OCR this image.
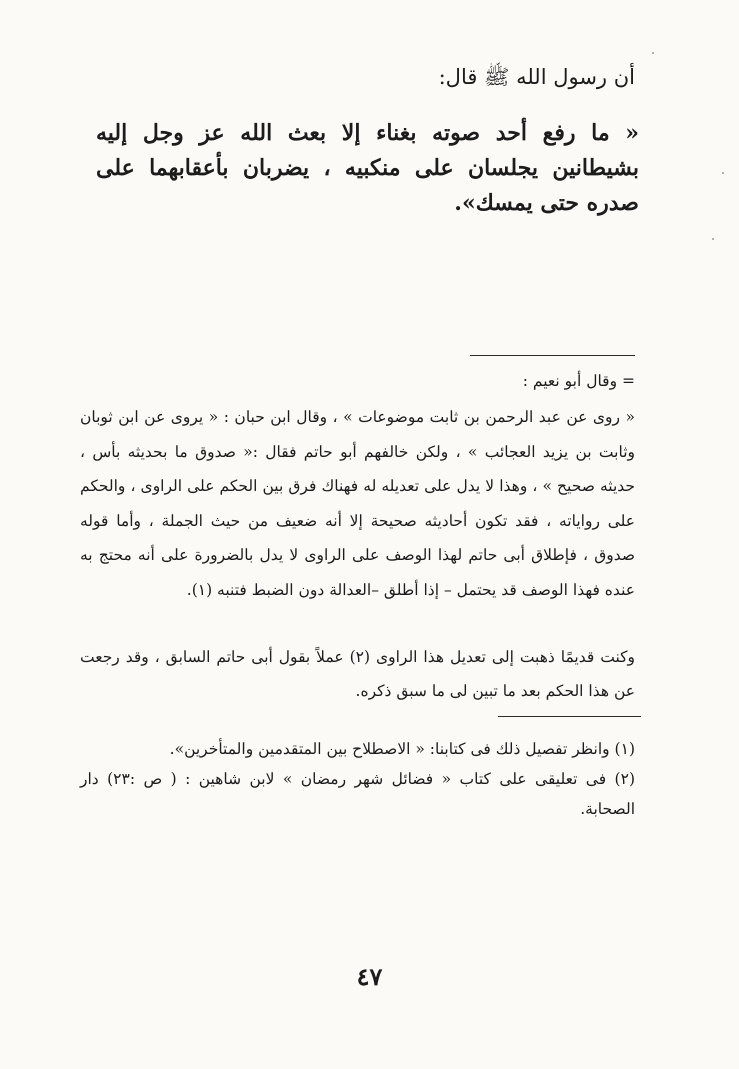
أن رسول الله ﷺ قال:
« ما رفع أحد صوته بغناء إلا بعث الله عز وجل إليه بشيطانين يجلسان على منكبيه ، يضربان بأعقابهما على صدره حتى يمسك».
= وقال أبو نعيم :

« روى عن عبد الرحمن بن ثابت موضوعات » ، وقال ابن حبان : « يروى عن ابن ثوبان وثابت بن يزيد العجائب » ، ولكن خالفهم أبو حاتم فقال :« صدوق ما بحديثه بأس ، حديثه صحيح » ، وهذا لا يدل على تعديله له فهناك فرق بين الحكم على الراوى ، والحكم على رواياته ، فقد تكون أحاديثه صحيحة إلا أنه ضعيف من حيث الجملة ، وأما قوله صدوق ، فإطلاق أبى حاتم لهذا الوصف على الراوى لا يدل بالضرورة على أنه محتج به عنده فهذا الوصف قد يحتمل – إذا أطلق –العدالة دون الضبط فتنبه (١).

وكنت قديمًا ذهبت إلى تعديل هذا الراوى (٢) عملاً بقول أبى حاتم السابق ، وقد رجعت عن هذا الحكم بعد ما تبين لى ما سبق ذكره.

(١) وانظر تفصيل ذلك فى كتابنا: « الاصطلاح بين المتقدمين والمتأخرين».

(٢) فى تعليقى على كتاب « فضائل شهر رمضان » لابن شاهين : ( ص :٢٣) دار الصحابة.

٤٧
